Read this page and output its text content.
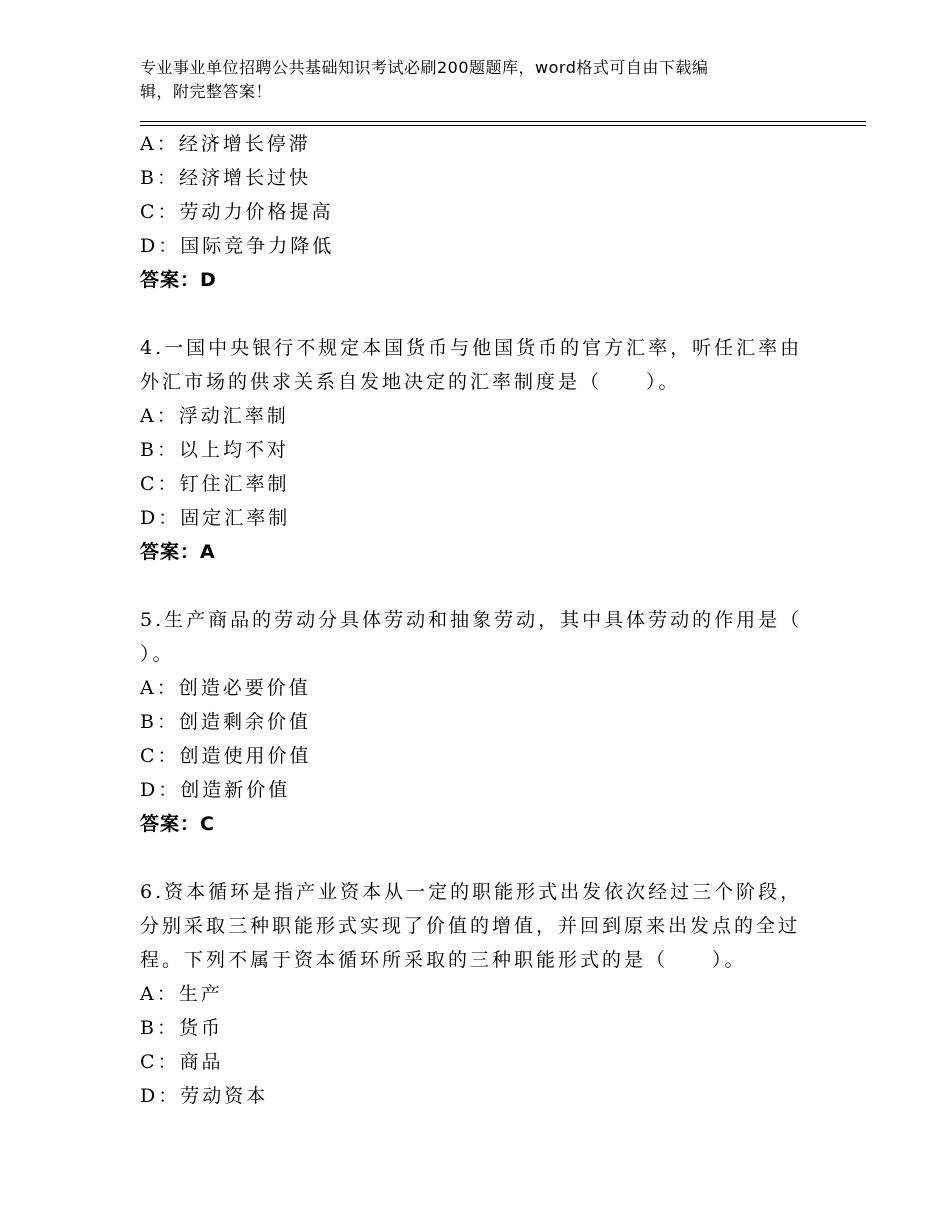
专业事业单位招聘公共基础知识考试必刷200题题库，word格式可自由下载编
辑，附完整答案！
A：经济增长停滞
B：经济增长过快
C：劳动力价格提高
D：国际竞争力降低
答案：D
4.一国中央银行不规定本国货币与他国货币的官方汇率，听任汇率由
外汇市场的供求关系自发地决定的汇率制度是（　　）。
A：浮动汇率制
B：以上均不对
C：钉住汇率制
D：固定汇率制
答案：A
5.生产商品的劳动分具体劳动和抽象劳动，其中具体劳动的作用是（
）。
A：创造必要价值
B：创造剩余价值
C：创造使用价值
D：创造新价值
答案：C
6.资本循环是指产业资本从一定的职能形式出发依次经过三个阶段，
分别采取三种职能形式实现了价值的增值，并回到原来出发点的全过
程。下列不属于资本循环所采取的三种职能形式的是（　　）。
A：生产
B：货币
C：商品
D：劳动资本
